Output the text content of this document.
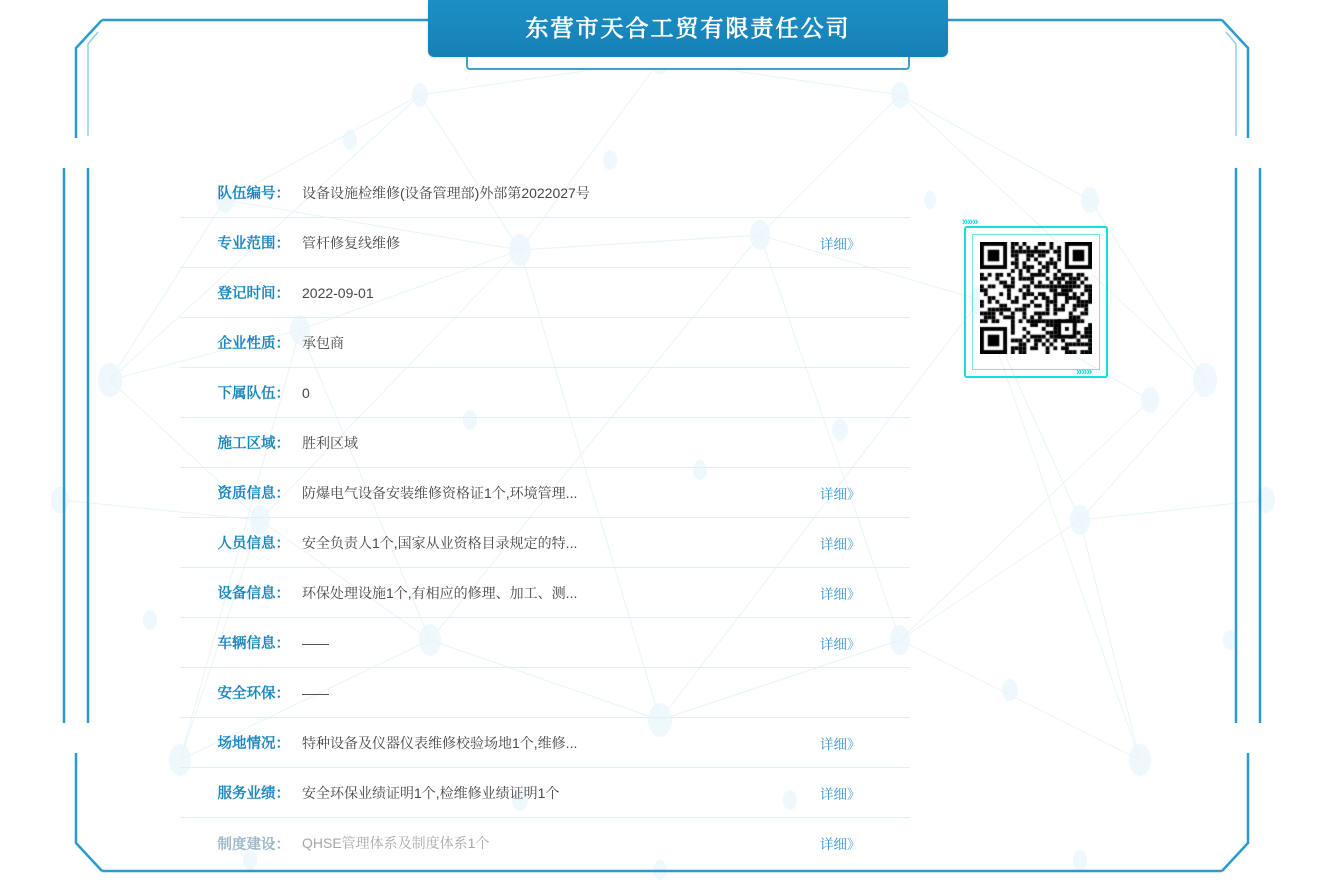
东营市天合工贸有限责任公司
队伍编号： 设备设施检维修(设备管理部)外部第2022027号
专业范围： 管杆修复线维修	详细》
登记时间： 2022-09-01
企业性质： 承包商
下属队伍： 0
施工区域： 胜利区域
资质信息： 防爆电气设备安装维修资格证1个,环境管理...	详细》
人员信息： 安全负责人1个,国家从业资格目录规定的特...	详细》
设备信息： 环保处理设施1个,有相应的修理、加工、测...	详细》
车辆信息： ——	详细》
安全环保： ——
场地情况： 特种设备及仪器仪表维修校验场地1个,维修...	详细》
服务业绩： 安全环保业绩证明1个,检维修业绩证明1个	详细》
制度建设： QHSE管理体系及制度体系1个	详细》
»»»
»»»
